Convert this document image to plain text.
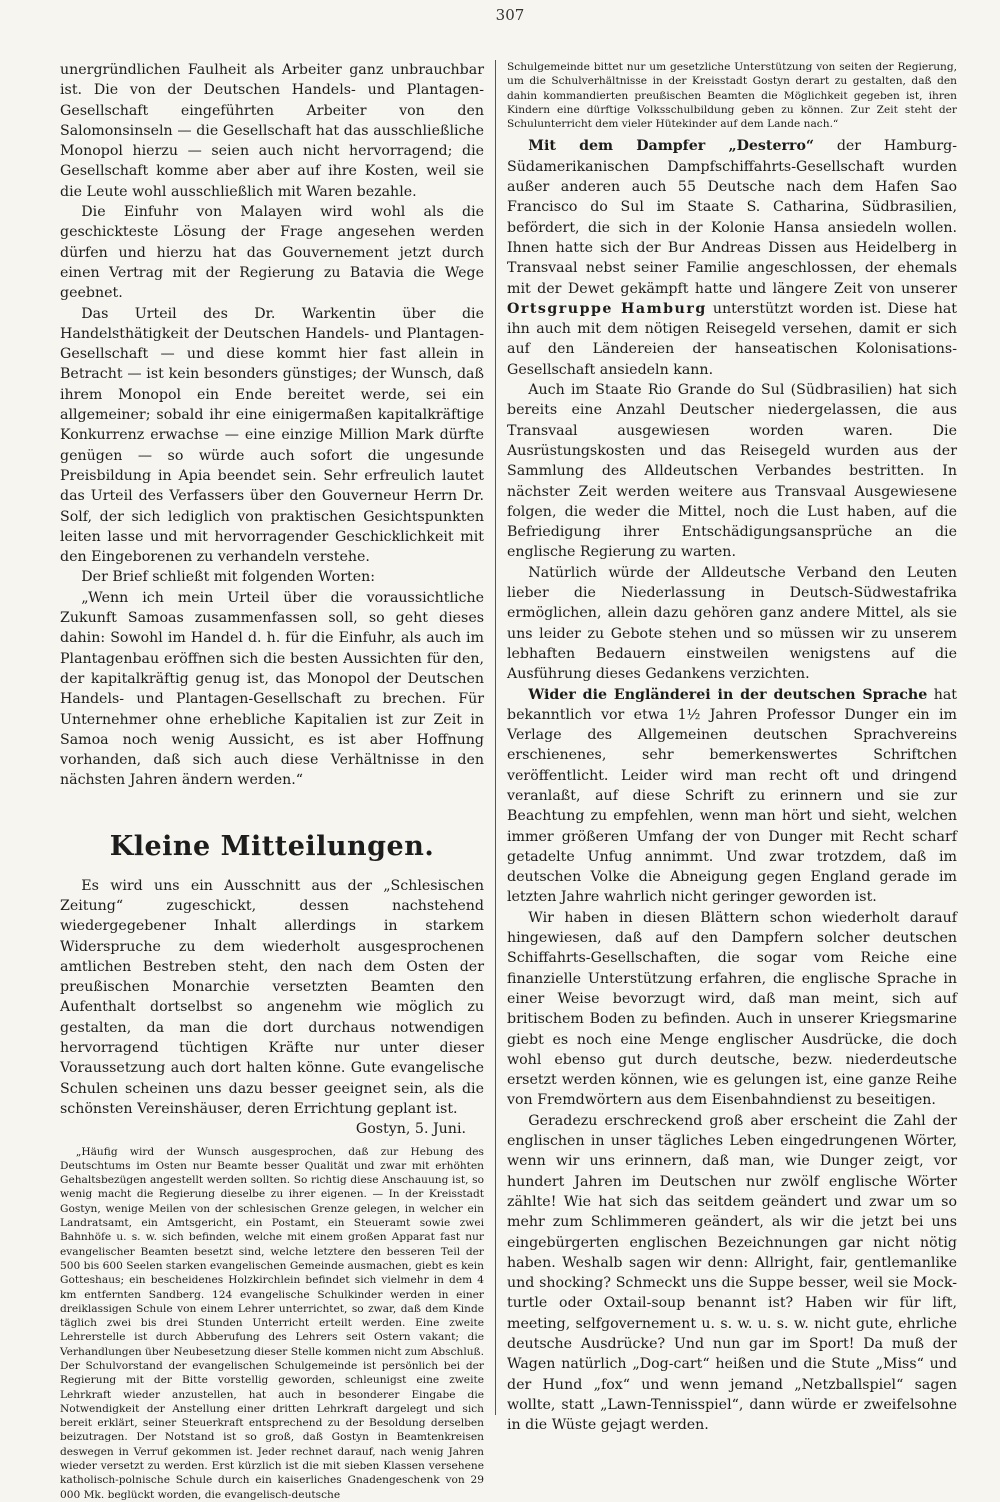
307

unergründlichen Faulheit als Arbeiter ganz unbrauchbar ist. Die von der Deutschen Handels- und Plantagen-Gesellschaft eingeführten Arbeiter von den Salomonsinseln — die Gesellschaft hat das ausschließliche Monopol hierzu — seien auch nicht hervorragend; die Gesellschaft komme aber aber auf ihre Kosten, weil sie die Leute wohl ausschließlich mit Waren bezahle.

Die Einfuhr von Malayen wird wohl als die geschickteste Lösung der Frage angesehen werden dürfen und hierzu hat das Gouvernement jetzt durch einen Vertrag mit der Regierung zu Batavia die Wege geebnet.

Das Urteil des Dr. Warkentin über die Handelsthätigkeit der Deutschen Handels- und Plantagen-Gesellschaft — und diese kommt hier fast allein in Betracht — ist kein besonders günstiges; der Wunsch, daß ihrem Monopol ein Ende bereitet werde, sei ein allgemeiner; sobald ihr eine einigermaßen kapitalkräftige Konkurrenz erwachse — eine einzige Million Mark dürfte genügen — so würde auch sofort die ungesunde Preisbildung in Apia beendet sein. Sehr erfreulich lautet das Urteil des Verfassers über den Gouverneur Herrn Dr. Solf, der sich lediglich von praktischen Gesichtspunkten leiten lasse und mit hervorragender Geschicklichkeit mit den Eingeborenen zu verhandeln verstehe.

Der Brief schließt mit folgenden Worten:

„Wenn ich mein Urteil über die voraussichtliche Zukunft Samoas zusammenfassen soll, so geht dieses dahin: Sowohl im Handel d. h. für die Einfuhr, als auch im Plantagenbau eröffnen sich die besten Aussichten für den, der kapitalkräftig genug ist, das Monopol der Deutschen Handels- und Plantagen-Gesellschaft zu brechen. Für Unternehmer ohne erhebliche Kapitalien ist zur Zeit in Samoa noch wenig Aussicht, es ist aber Hoffnung vorhanden, daß sich auch diese Verhältnisse in den nächsten Jahren ändern werden.“

Kleine Mitteilungen.

Es wird uns ein Ausschnitt aus der „Schlesischen Zeitung“ zugeschickt, dessen nachstehend wiedergegebener Inhalt allerdings in starkem Widerspruche zu dem wiederholt ausgesprochenen amtlichen Bestreben steht, den nach dem Osten der preußischen Monarchie versetzten Beamten den Aufenthalt dortselbst so angenehm wie möglich zu gestalten, da man die dort durchaus notwendigen hervorragend tüchtigen Kräfte nur unter dieser Voraussetzung auch dort halten könne. Gute evangelische Schulen scheinen uns dazu besser geeignet sein, als die schönsten Vereinshäuser, deren Errichtung geplant ist.

Gostyn, 5. Juni.

„Häufig wird der Wunsch ausgesprochen, daß zur Hebung des Deutschtums im Osten nur Beamte besser Qualität und zwar mit erhöhten Gehaltsbezügen angestellt werden sollten. So richtig diese Anschauung ist, so wenig macht die Regierung dieselbe zu ihrer eigenen. — In der Kreisstadt Gostyn, wenige Meilen von der schlesischen Grenze gelegen, in welcher ein Landratsamt, ein Amtsgericht, ein Postamt, ein Steueramt sowie zwei Bahnhöfe u. s. w. sich befinden, welche mit einem großen Apparat fast nur evangelischer Beamten besetzt sind, welche letztere den besseren Teil der 500 bis 600 Seelen starken evangelischen Gemeinde ausmachen, giebt es kein Gotteshaus; ein bescheidenes Holzkirchlein befindet sich vielmehr in dem 4 km entfernten Sandberg. 124 evangelische Schulkinder werden in einer dreiklassigen Schule von einem Lehrer unterrichtet, so zwar, daß dem Kinde täglich zwei bis drei Stunden Unterricht erteilt werden. Eine zweite Lehrerstelle ist durch Abberufung des Lehrers seit Ostern vakant; die Verhandlungen über Neubesetzung dieser Stelle kommen nicht zum Abschluß. Der Schulvorstand der evangelischen Schulgemeinde ist persönlich bei der Regierung mit der Bitte vorstellig geworden, schleunigst eine zweite Lehrkraft wieder anzustellen, hat auch in besonderer Eingabe die Notwendigkeit der Anstellung einer dritten Lehrkraft dargelegt und sich bereit erklärt, seiner Steuerkraft entsprechend zu der Besoldung derselben beizutragen. Der Notstand ist so groß, daß Gostyn in Beamtenkreisen deswegen in Verruf gekommen ist. Jeder rechnet darauf, nach wenig Jahren wieder versetzt zu werden. Erst kürzlich ist die mit sieben Klassen versehene katholisch-polnische Schule durch ein kaiserliches Gnadengeschenk von 29 000 Mk. beglückt worden, die evangelisch-deutsche

Schulgemeinde bittet nur um gesetzliche Unterstützung von seiten der Regierung, um die Schulverhältnisse in der Kreisstadt Gostyn derart zu gestalten, daß den dahin kommandierten preußischen Beamten die Möglichkeit gegeben ist, ihren Kindern eine dürftige Volksschulbildung geben zu können. Zur Zeit steht der Schulunterricht dem vieler Hütekinder auf dem Lande nach.“

Mit dem Dampfer „Desterro“ der Hamburg-Südamerikanischen Dampfschiffahrts-Gesellschaft wurden außer anderen auch 55 Deutsche nach dem Hafen Sao Francisco do Sul im Staate S. Catharina, Südbrasilien, befördert, die sich in der Kolonie Hansa ansiedeln wollen. Ihnen hatte sich der Bur Andreas Dissen aus Heidelberg in Transvaal nebst seiner Familie angeschlossen, der ehemals mit der Dewet gekämpft hatte und längere Zeit von unserer Ortsgruppe Hamburg unterstützt worden ist. Diese hat ihn auch mit dem nötigen Reisegeld versehen, damit er sich auf den Ländereien der hanseatischen Kolonisations-Gesellschaft ansiedeln kann.

Auch im Staate Rio Grande do Sul (Südbrasilien) hat sich bereits eine Anzahl Deutscher niedergelassen, die aus Transvaal ausgewiesen worden waren. Die Ausrüstungskosten und das Reisegeld wurden aus der Sammlung des Alldeutschen Verbandes bestritten. In nächster Zeit werden weitere aus Transvaal Ausgewiesene folgen, die weder die Mittel, noch die Lust haben, auf die Befriedigung ihrer Entschädigungsansprüche an die englische Regierung zu warten.

Natürlich würde der Alldeutsche Verband den Leuten lieber die Niederlassung in Deutsch-Südwestafrika ermöglichen, allein dazu gehören ganz andere Mittel, als sie uns leider zu Gebote stehen und so müssen wir zu unserem lebhaften Bedauern einstweilen wenigstens auf die Ausführung dieses Gedankens verzichten.

Wider die Engländerei in der deutschen Sprache hat bekanntlich vor etwa 1½ Jahren Professor Dunger ein im Verlage des Allgemeinen deutschen Sprachvereins erschienenes, sehr bemerkenswertes Schriftchen veröffentlicht. Leider wird man recht oft und dringend veranlaßt, auf diese Schrift zu erinnern und sie zur Beachtung zu empfehlen, wenn man hört und sieht, welchen immer größeren Umfang der von Dunger mit Recht scharf getadelte Unfug annimmt. Und zwar trotzdem, daß im deutschen Volke die Abneigung gegen England gerade im letzten Jahre wahrlich nicht geringer geworden ist.

Wir haben in diesen Blättern schon wiederholt darauf hingewiesen, daß auf den Dampfern solcher deutschen Schiffahrts-Gesellschaften, die sogar vom Reiche eine finanzielle Unterstützung erfahren, die englische Sprache in einer Weise bevorzugt wird, daß man meint, sich auf britischem Boden zu befinden. Auch in unserer Kriegsmarine giebt es noch eine Menge englischer Ausdrücke, die doch wohl ebenso gut durch deutsche, bezw. niederdeutsche ersetzt werden können, wie es gelungen ist, eine ganze Reihe von Fremdwörtern aus dem Eisenbahndienst zu beseitigen.

Geradezu erschreckend groß aber erscheint die Zahl der englischen in unser tägliches Leben eingedrungenen Wörter, wenn wir uns erinnern, daß man, wie Dunger zeigt, vor hundert Jahren im Deutschen nur zwölf englische Wörter zählte! Wie hat sich das seitdem geändert und zwar um so mehr zum Schlimmeren geändert, als wir die jetzt bei uns eingebürgerten englischen Bezeichnungen gar nicht nötig haben. Weshalb sagen wir denn: Allright, fair, gentlemanlike und shocking? Schmeckt uns die Suppe besser, weil sie Mock-turtle oder Oxtail-soup benannt ist? Haben wir für lift, meeting, selfgovernement u. s. w. u. s. w. nicht gute, ehrliche deutsche Ausdrücke? Und nun gar im Sport! Da muß der Wagen natürlich „Dog-cart“ heißen und die Stute „Miss“ und der Hund „fox“ und wenn jemand „Netzballspiel“ sagen wollte, statt „Lawn-Tennisspiel“, dann würde er zweifelsohne in die Wüste gejagt werden.
